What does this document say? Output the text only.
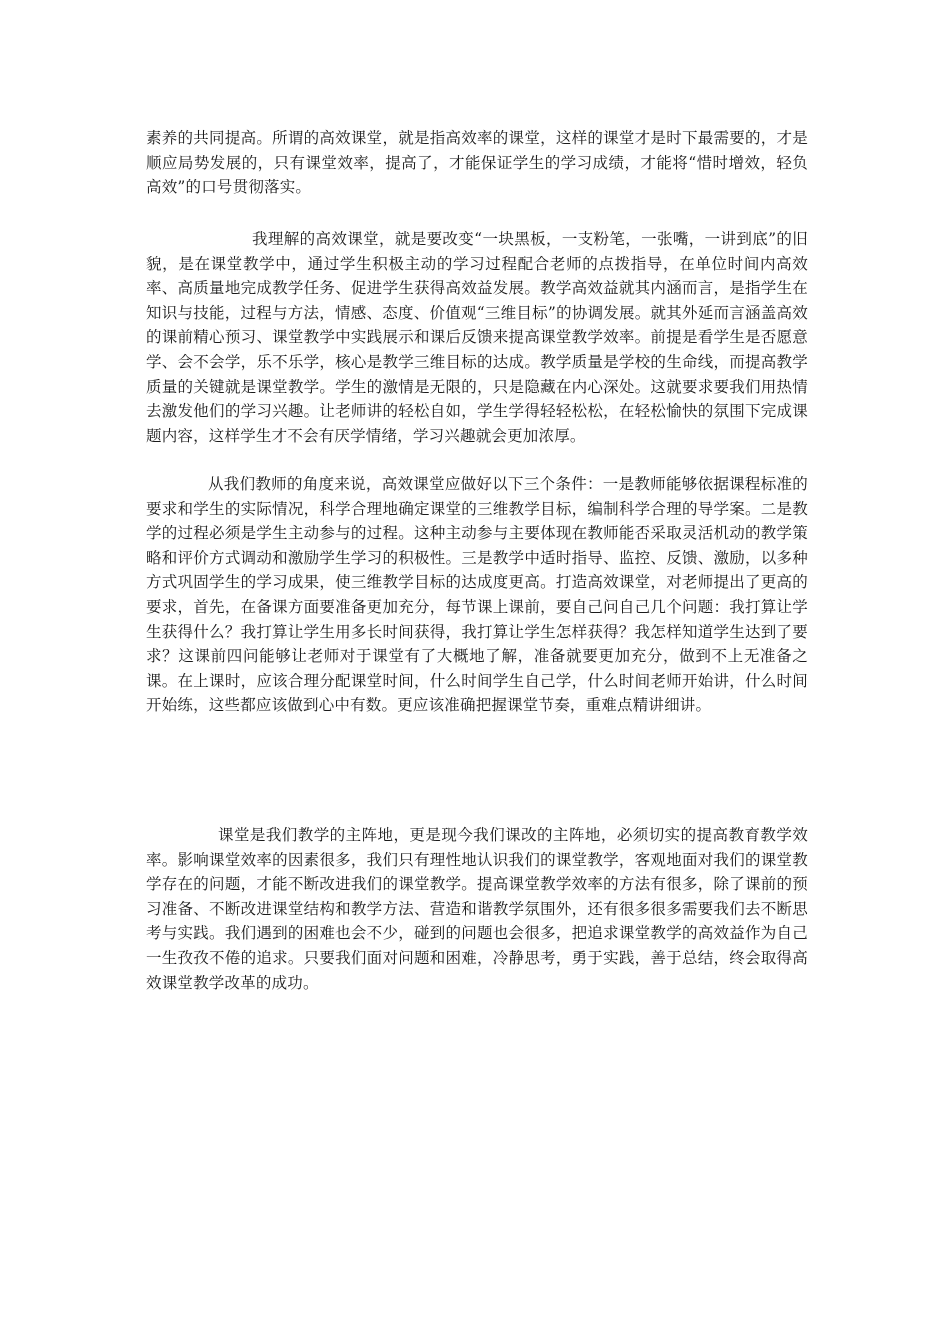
素养的共同提高。所谓的高效课堂，就是指高效率的课堂，这样的课堂才是时下最需要的，才是顺应局势发展的，只有课堂效率，提高了，才能保证学生的学习成绩，才能将“惜时增效，轻负高效”的口号贯彻落实。

我理解的高效课堂，就是要改变“一块黑板，一支粉笔，一张嘴，一讲到底”的旧貌，是在课堂教学中，通过学生积极主动的学习过程配合老师的点拨指导，在单位时间内高效率、高质量地完成教学任务、促进学生获得高效益发展。教学高效益就其内涵而言，是指学生在知识与技能，过程与方法，情感、态度、价值观“三维目标”的协调发展。就其外延而言涵盖高效的课前精心预习、课堂教学中实践展示和课后反馈来提高课堂教学效率。前提是看学生是否愿意学、会不会学，乐不乐学，核心是教学三维目标的达成。教学质量是学校的生命线，而提高教学质量的关键就是课堂教学。学生的激情是无限的，只是隐藏在内心深处。这就要求要我们用热情去激发他们的学习兴趣。让老师讲的轻松自如，学生学得轻轻松松，在轻松愉快的氛围下完成课题内容，这样学生才不会有厌学情绪，学习兴趣就会更加浓厚。

从我们教师的角度来说，高效课堂应做好以下三个条件：一是教师能够依据课程标准的要求和学生的实际情况，科学合理地确定课堂的三维教学目标，编制科学合理的导学案。二是教学的过程必须是学生主动参与的过程。这种主动参与主要体现在教师能否采取灵活机动的教学策略和评价方式调动和激励学生学习的积极性。三是教学中适时指导、监控、反馈、激励，以多种方式巩固学生的学习成果，使三维教学目标的达成度更高。打造高效课堂，对老师提出了更高的要求，首先，在备课方面要准备更加充分，每节课上课前，要自己问自己几个问题：我打算让学生获得什么？我打算让学生用多长时间获得，我打算让学生怎样获得？我怎样知道学生达到了要求？这课前四问能够让老师对于课堂有了大概地了解，准备就要更加充分，做到不上无准备之课。在上课时，应该合理分配课堂时间，什么时间学生自己学，什么时间老师开始讲，什么时间开始练，这些都应该做到心中有数。更应该准确把握课堂节奏，重难点精讲细讲。

课堂是我们教学的主阵地，更是现今我们课改的主阵地，必须切实的提高教育教学效率。影响课堂效率的因素很多，我们只有理性地认识我们的课堂教学，客观地面对我们的课堂教学存在的问题，才能不断改进我们的课堂教学。提高课堂教学效率的方法有很多，除了课前的预习准备、不断改进课堂结构和教学方法、营造和谐教学氛围外，还有很多很多需要我们去不断思考与实践。我们遇到的困难也会不少，碰到的问题也会很多，把追求课堂教学的高效益作为自己一生孜孜不倦的追求。只要我们面对问题和困难，冷静思考，勇于实践，善于总结，终会取得高效课堂教学改革的成功。
